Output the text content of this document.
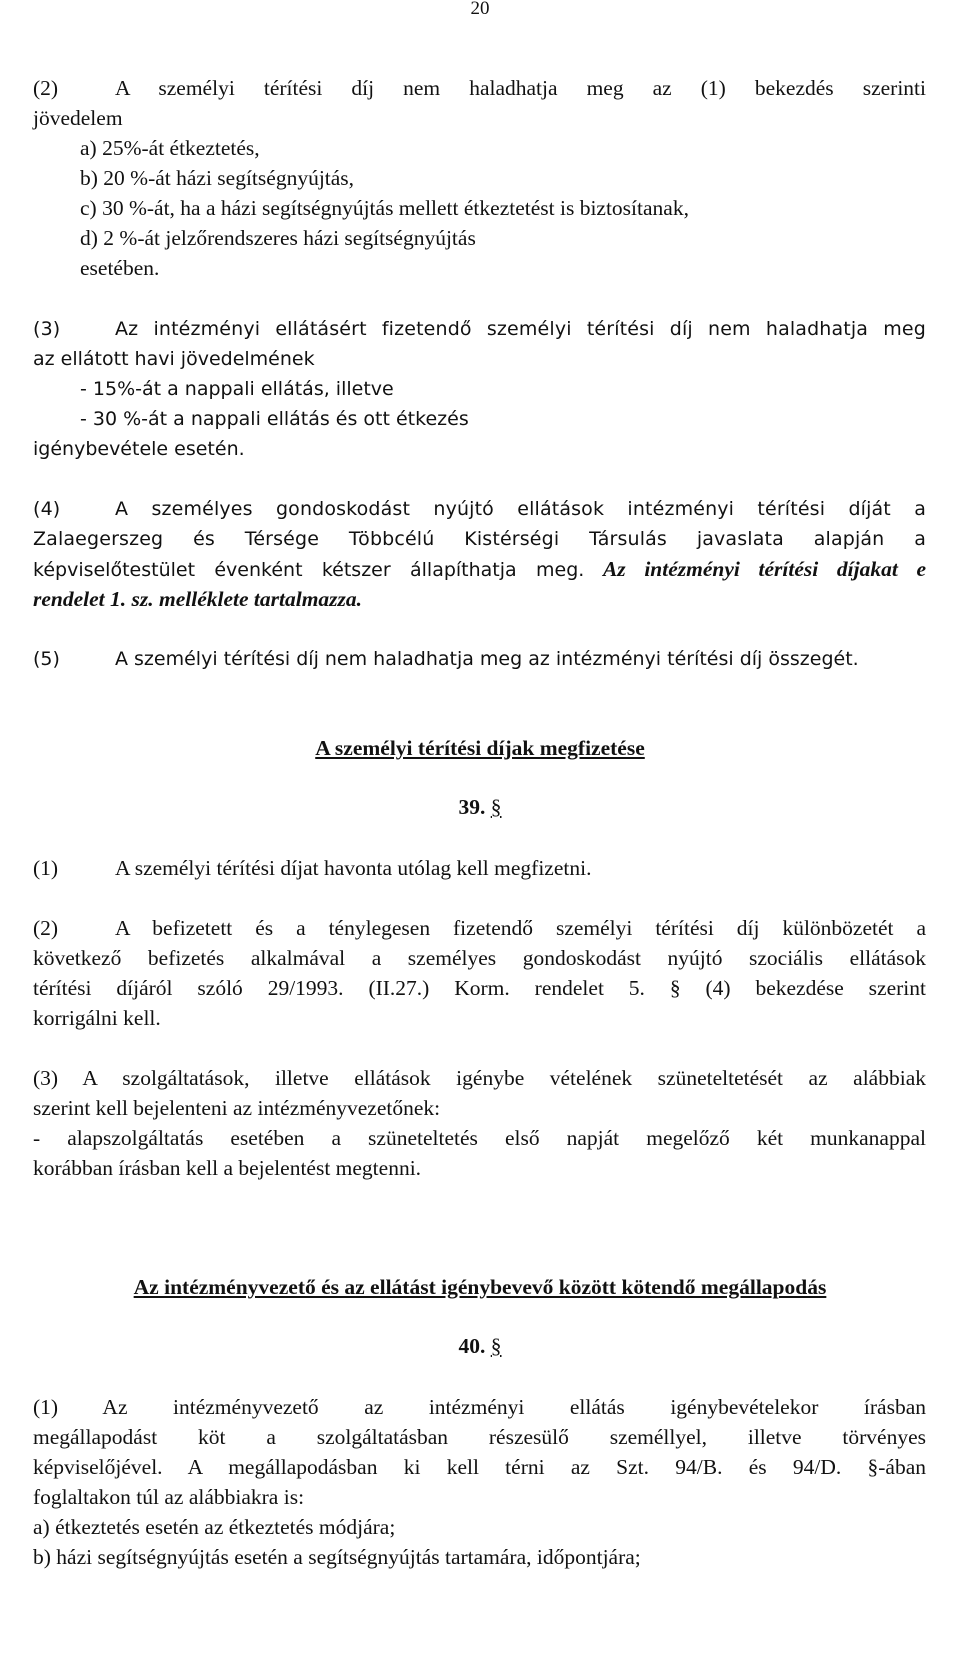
20
(2)	A személyi térítési díj nem haladhatja meg az (1) bekezdés szerinti
jövedelem
a) 25%-át étkeztetés,
b) 20 %-át házi segítségnyújtás,
c) 30 %-át, ha a házi segítségnyújtás mellett étkeztetést is biztosítanak,
d) 2 %-át jelzőrendszeres házi segítségnyújtás
esetében.
(3)	Az intézményi ellátásért fizetendő személyi térítési díj nem haladhatja meg
az ellátott havi jövedelmének
- 15%-át a nappali ellátás, illetve
- 30 %-át a nappali ellátás és ott étkezés
igénybevétele esetén.
(4)	A személyes gondoskodást nyújtó ellátások intézményi térítési díját a
Zalaegerszeg és Térsége Többcélú Kistérségi Társulás javaslata alapján a
képviselőtestület évenként kétszer állapíthatja meg. Az intézményi térítési díjakat e
rendelet 1. sz. melléklete tartalmazza.
(5)	A személyi térítési díj nem haladhatja meg az intézményi térítési díj összegét.
A személyi térítési díjak megfizetése
39. §
(1)	A személyi térítési díjat havonta utólag kell megfizetni.
(2)	A befizetett és a ténylegesen fizetendő személyi térítési díj különbözetét a
következő befizetés alkalmával a személyes gondoskodást nyújtó szociális ellátások
térítési díjáról szóló 29/1993. (II.27.) Korm. rendelet 5. § (4) bekezdése szerint
korrigálni kell.
(3) A szolgáltatások, illetve ellátások igénybe vételének szüneteltetését az alábbiak
szerint kell bejelenteni az intézményvezetőnek:
- alapszolgáltatás esetében a szüneteltetés első napját megelőző két munkanappal
korábban írásban kell a bejelentést megtenni.
Az intézményvezető és az ellátást igénybevevő között kötendő megállapodás
40. §
(1) Az intézményvezető az intézményi ellátás igénybevételekor írásban
megállapodást köt a szolgáltatásban részesülő személlyel, illetve törvényes
képviselőjével. A megállapodásban ki kell térni az Szt. 94/B. és 94/D. §-ában
foglaltakon túl az alábbiakra is:
a) étkeztetés esetén az étkeztetés módjára;
b) házi segítségnyújtás esetén a segítségnyújtás tartamára, időpontjára;
